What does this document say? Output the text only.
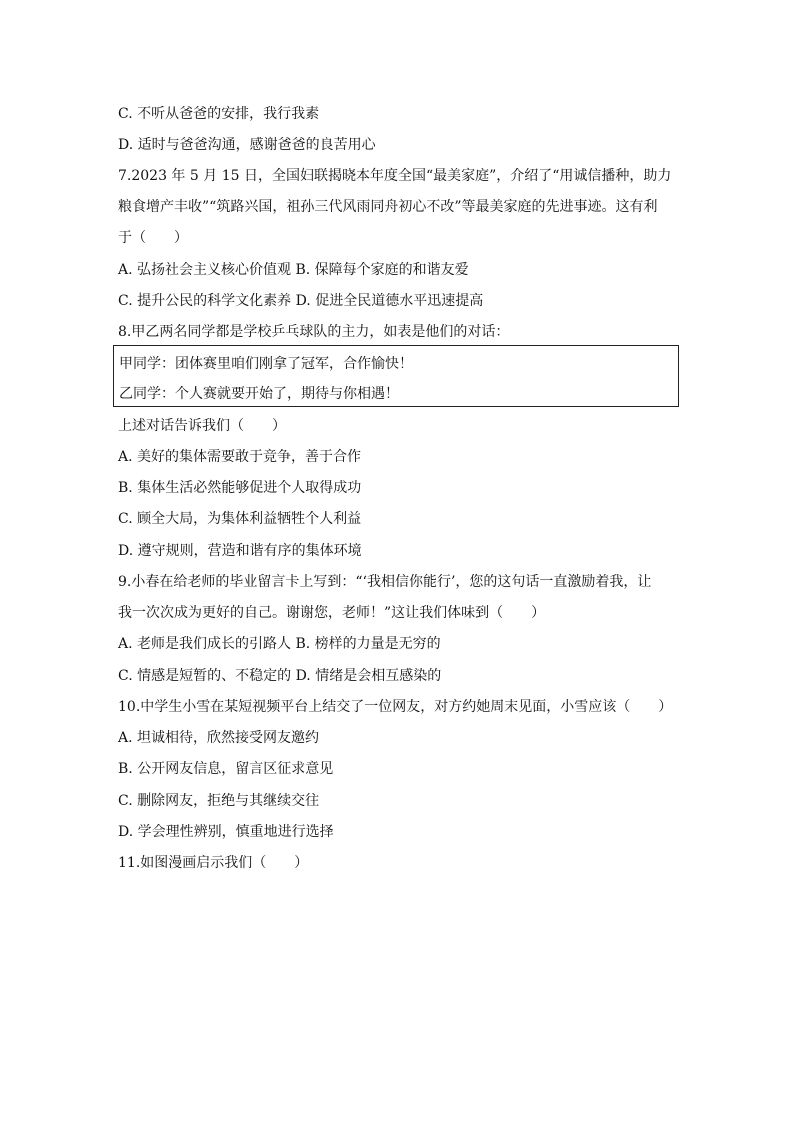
C. 不听从爸爸的安排，我行我素

D. 适时与爸爸沟通，感谢爸爸的良苦用心

7.2023 年 5 月 15 日，全国妇联揭晓本年度全国“最美家庭”，介绍了“用诚信播种，助力

粮食增产丰收”“筑路兴国，祖孙三代风雨同舟初心不改”等最美家庭的先进事迹。这有利

于（　　）

A. 弘扬社会主义核心价值观 B. 保障每个家庭的和谐友爱

C. 提升公民的科学文化素养 D. 促进全民道德水平迅速提高

8.甲乙两名同学都是学校乒乓球队的主力，如表是他们的对话：

甲同学：团体赛里咱们刚拿了冠军，合作愉快！

乙同学：个人赛就要开始了，期待与你相遇！

上述对话告诉我们（　　）

A. 美好的集体需要敢于竞争，善于合作

B. 集体生活必然能够促进个人取得成功

C. 顾全大局，为集体利益牺牲个人利益

D. 遵守规则，营造和谐有序的集体环境

9.小春在给老师的毕业留言卡上写到：“‘我相信你能行’，您的这句话一直激励着我，让

我一次次成为更好的自己。谢谢您，老师！”这让我们体味到（　　）

A. 老师是我们成长的引路人 B. 榜样的力量是无穷的

C. 情感是短暂的、不稳定的 D. 情绪是会相互感染的

10.中学生小雪在某短视频平台上结交了一位网友，对方约她周末见面，小雪应该（　　）

A. 坦诚相待，欣然接受网友邀约

B. 公开网友信息，留言区征求意见

C. 删除网友，拒绝与其继续交往

D. 学会理性辨别，慎重地进行选择

11.如图漫画启示我们（　　）
